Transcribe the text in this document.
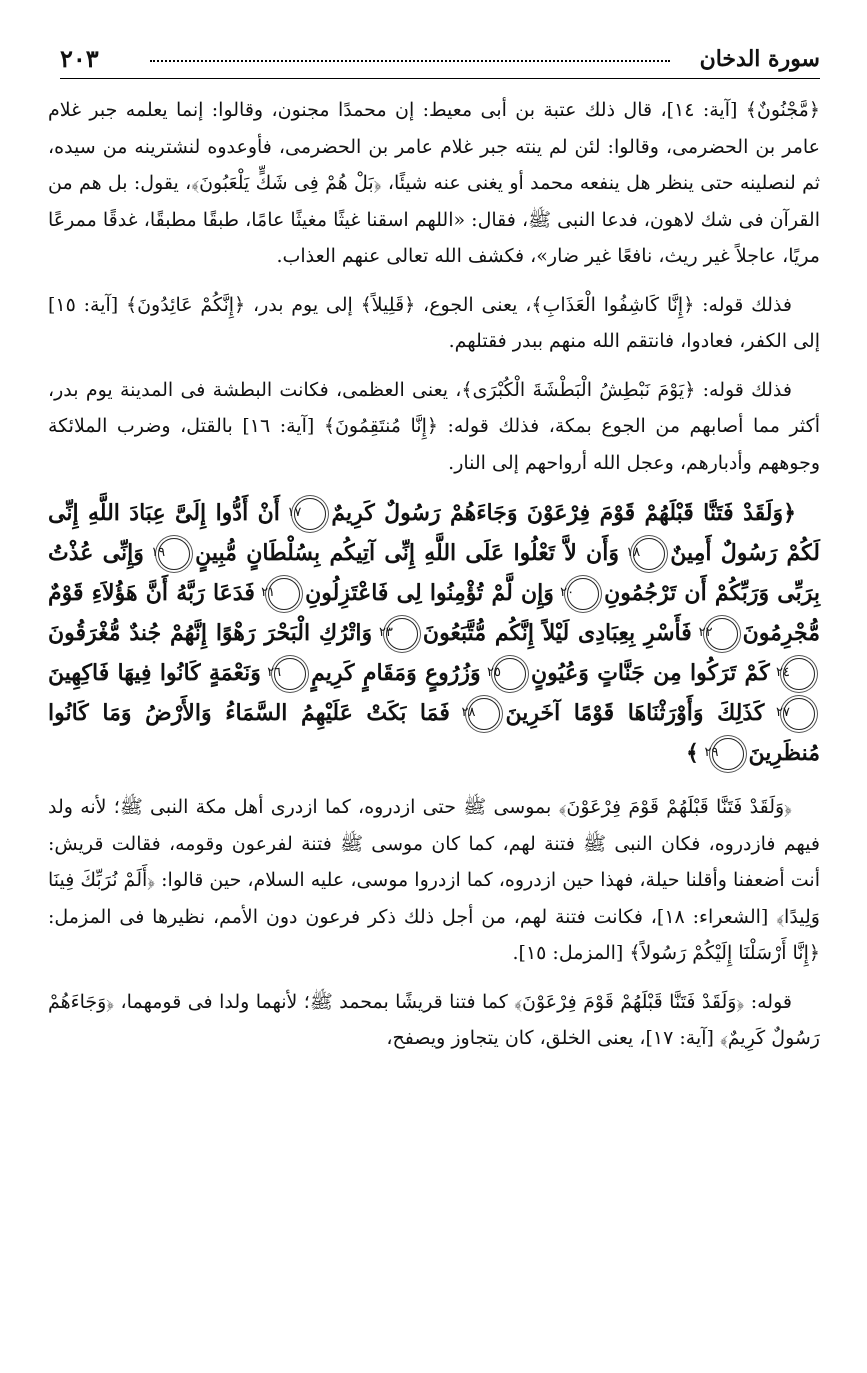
سورة الدخان
٢٠٣

﴿مَّجْنُونٌ﴾ [آية: ١٤]، قال ذلك عتبة بن أبى معيط: إن محمدًا مجنون، وقالوا: إنما يعلمه جبر غلام عامر بن الحضرمى، وقالوا: لئن لم ينته جبر غلام عامر بن الحضرمى، فأوعدوه لنشترينه من سيده، ثم لنصلينه حتى ينظر هل ينفعه محمد أو يغنى عنه شيئًا، ﴿بَلْ هُمْ فِى شَكٍّ يَلْعَبُونَ﴾، يقول: بل هم من القرآن فى شك لاهون، فدعا النبى ﷺ، فقال: «اللهم اسقنا غيثًا مغيثًا عامًا، طبقًا مطبقًا، غدقًا ممرعًا مريًا، عاجلاً غير ريث، نافعًا غير ضار»، فكشف الله تعالى عنهم العذاب.

فذلك قوله: ﴿إِنَّا كَاشِفُوا الْعَذَابِ﴾، يعنى الجوع، ﴿قَلِيلاً﴾ إلى يوم بدر، ﴿إِنَّكُمْ عَائِدُونَ﴾ [آية: ١٥] إلى الكفر، فعادوا، فانتقم الله منهم ببدر فقتلهم.

فذلك قوله: ﴿يَوْمَ نَبْطِشُ الْبَطْشَةَ الْكُبْرَى﴾، يعنى العظمى، فكانت البطشة فى المدينة يوم بدر، أكثر مما أصابهم من الجوع بمكة، فذلك قوله: ﴿إِنَّا مُنتَقِمُونَ﴾ [آية: ١٦] بالقتل، وضرب الملائكة وجوههم وأدبارهم، وعجل الله أرواحهم إلى النار.

﴿وَلَقَدْ فَتَنَّا قَبْلَهُمْ قَوْمَ فِرْعَوْنَ وَجَاءَهُمْ رَسُولٌ كَرِيمٌ١٧ أَنْ أَدُّوا إِلَىَّ عِبَادَ اللَّهِ إِنِّى لَكُمْ رَسُولٌ أَمِينٌ١٨ وَأَن لاَّ تَعْلُوا عَلَى اللَّهِ إِنِّى آتِيكُم بِسُلْطَانٍ مُّبِينٍ١٩ وَإِنِّى عُذْتُ بِرَبِّى وَرَبِّكُمْ أَن تَرْجُمُونِ٢٠ وَإِن لَّمْ تُؤْمِنُوا لِى فَاعْتَزِلُونِ٢١ فَدَعَا رَبَّهُ أَنَّ هَؤُلاَءِ قَوْمٌ مُّجْرِمُونَ٢٢ فَأَسْرِ بِعِبَادِى لَيْلاً إِنَّكُم مُّتَّبَعُونَ٢٣ وَاتْرُكِ الْبَحْرَ رَهْوًا إِنَّهُمْ جُندٌ مُّغْرَقُونَ٢٤ كَمْ تَرَكُوا مِن جَنَّاتٍ وَعُيُونٍ٢٥ وَزُرُوعٍ وَمَقَامٍ كَرِيمٍ٢٦ وَنَعْمَةٍ كَانُوا فِيهَا فَاكِهِينَ٢٧ كَذَلِكَ وَأَوْرَثْنَاهَا قَوْمًا آخَرِينَ٢٨ فَمَا بَكَتْ عَلَيْهِمُ السَّمَاءُ وَالأَرْضُ وَمَا كَانُوا مُنظَرِينَ٢٩ ﴾

﴿وَلَقَدْ فَتَنَّا قَبْلَهُمْ قَوْمَ فِرْعَوْنَ﴾ بموسى ﷺ حتى ازدروه، كما ازدرى أهل مكة النبى ﷺ؛ لأنه ولد فيهم فازدروه، فكان النبى ﷺ فتنة لهم، كما كان موسى ﷺ فتنة لفرعون وقومه، فقالت قريش: أنت أضعفنا وأقلنا حيلة، فهذا حين ازدروه، كما ازدروا موسى، عليه السلام، حين قالوا: ﴿أَلَمْ نُرَبِّكَ فِينَا وَلِيدًا﴾ [الشعراء: ١٨]، فكانت فتنة لهم، من أجل ذلك ذكر فرعون دون الأمم، نظيرها فى المزمل: ﴿إِنَّا أَرْسَلْنَا إِلَيْكُمْ رَسُولاً﴾ [المزمل: ١٥].

قوله: ﴿وَلَقَدْ فَتَنَّا قَبْلَهُمْ قَوْمَ فِرْعَوْنَ﴾ كما فتنا قريشًا بمحمد ﷺ؛ لأنهما ولدا فى قومهما، ﴿وَجَاءَهُمْ رَسُولٌ كَرِيمٌ﴾ [آية: ١٧]، يعنى الخلق، كان يتجاوز ويصفح،
